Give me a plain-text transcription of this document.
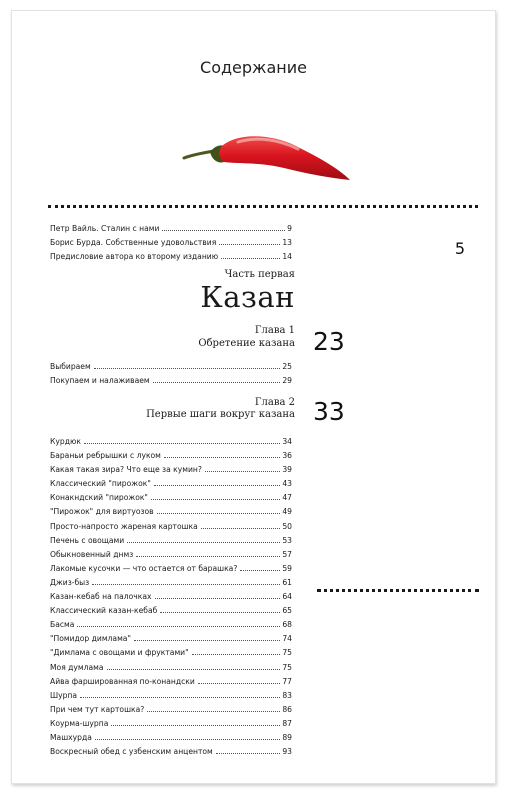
Содержание
5
Петр Вайль. Сталин с нами	9
Борис Бурда. Собственные удовольствия	13
Предисловие автора ко второму изданию	14
Часть первая
Казан
Глава 1
Обретение казана 23
Выбираем	25
Покупаем и налаживаем	29
Глава 2
Первые шаги вокруг казана 33
Курдюк	34
Бараньи ребрышки с луком	36
Какая такая зира? Что еще за кумин?	39
Классический "пирожок"	43
Конакндский "пирожок"	47
"Пирожок" для виртуозов	49
Просто-напросто жареная картошка	50
Печень с овощами	53
Обыкновенный днмз	57
Лакомые кусочки — что остается от барашка?	59
Джиз-быз	61
Казан-кебаб на палочках	64
Классический казан-кебаб	65
Басма	68
"Помидор димлама"	74
"Димлама с овощами и фруктами"	75
Моя думлама	75
Айва фаршированная по-конандски	77
Шурпа	83
При чем тут картошка?	86
Коурма-шурпа	87
Машхурда	89
Воскресный обед с узбенским анцентом	93
